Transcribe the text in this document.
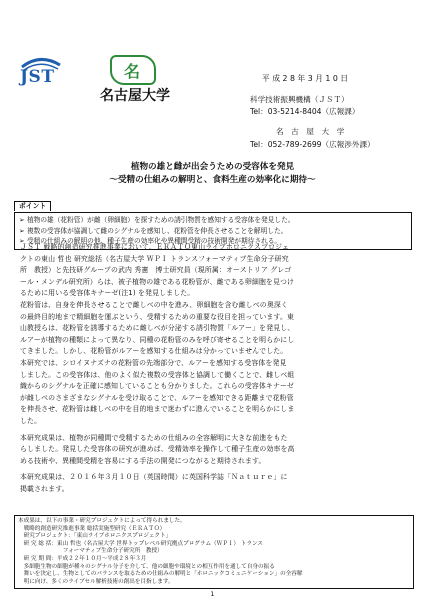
JST	名
名古屋大学
平 成 2 8 年 3 月 1 0 日
科学技術振興機構（ＪＳＴ）
Tel：03-5214-8404（広報課）
名　古　屋　大　学
Tel：052-789-2699（広報渉外課）
植物の雄と雌が出会うための受容体を発見
～受精の仕組みの解明と、食料生産の効率化に期待～
ポイント
➢ 植物の雄（花粉管）が雌（卵細胞）を探すための誘引物質を感知する受容体を発見した。
➢ 複数の受容体が協調して雌のシグナルを感知し、花粉管を伸長させることを解明した。
➢ 受精の仕組みの解明の他、種子生産の効率化や異種間受精の技術開発が期待される。
ＪＳＴ 戦略的創造研究推進事業において、ＥＲＡＴＯ東山ライブホロニクスプロジェ
クトの東山 哲也 研究総括（名古屋大学 ＷＰＩ トランスフォーマティブ生命分子研究
所　教授）と先技研グループの武内 秀憲　博士研究員（現所属：オーストリア グレゴ
ール・メンデル研究所）らは、被子植物の雄である花粉管が、雌である卵細胞を見つけ
るために用いる受容体キナーゼ(注1) を発見しました。
花粉管は、自身を伸長させることで雌しべの中を進み、卵細胞を含む雌しべの奥深く
の最終目的地まで精細胞を運ぶという、受精するための重要な役目を担っています。東
山教授らは、花粉管を誘導するために雌しべが分泌する誘引物質「ルアー」を発見し、
ルアーが植物の種類によって異なり、同種の花粉管のみを呼び寄せることを明らかにし
てきました。しかし、花粉管がルアーを感知する仕組みは分かっていませんでした。
本研究では、シロイヌナズナの花粉管の先端部分で、ルアーを感知する受容体を発見
しました。この受容体は、他のよく似た複数の受容体と協調して働くことで、雌しべ組
織からのシグナルを正確に感知していることも分かりました。これらの受容体キナーゼ
が雌しべのさまざまなシグナルを受け取ることで、ルアーを感知できる距離まで花粉管
を伸長させ、花粉管は雌しべの中を目的地まで迷わずに進んでいることを明らかにしま
した。
本研究成果は、植物が同種間で受精するための仕組みの全容解明に大きな前進をもた
らしました。発見した受容体の研究が進めば、受精効率を操作して種子生産の効率を高
める技術や、異種間受精を容易にする手法の開発につながると期待されます。
本研究成果は、２０１６年３月１０日（英国時間）に英国科学誌「Ｎａｔｕｒｅ」に
掲載されます。
本成果は、以下の事業・研究プロジェクトによって得られました。
　戦略的創造研究推進事業 総括実施型研究（ＥＲＡＴＯ）
　研究プロジェクト：「東山ライブホロニクスプロジェクト」
　研 究 総 括：東山 哲也（名古屋大学 世界トップレベル研究拠点プログラム（ＷＰＩ） トランス
　　　　　　　　フォーマティブ生命分子研究所　教授）
　研 究 期 間：平成２２年１０月～平成２８年３月
　多細胞生物の細胞が種々のシグナル分子を介して、他の細胞や環境との相互作用を通して自身の振る
　舞いを決定し、生物としてのバランスを取るための仕組みの解明と「ホロニックコミュニケーション」の全容解
　明に向け、多くのライブセル解析技術の創出を目指します。
1
